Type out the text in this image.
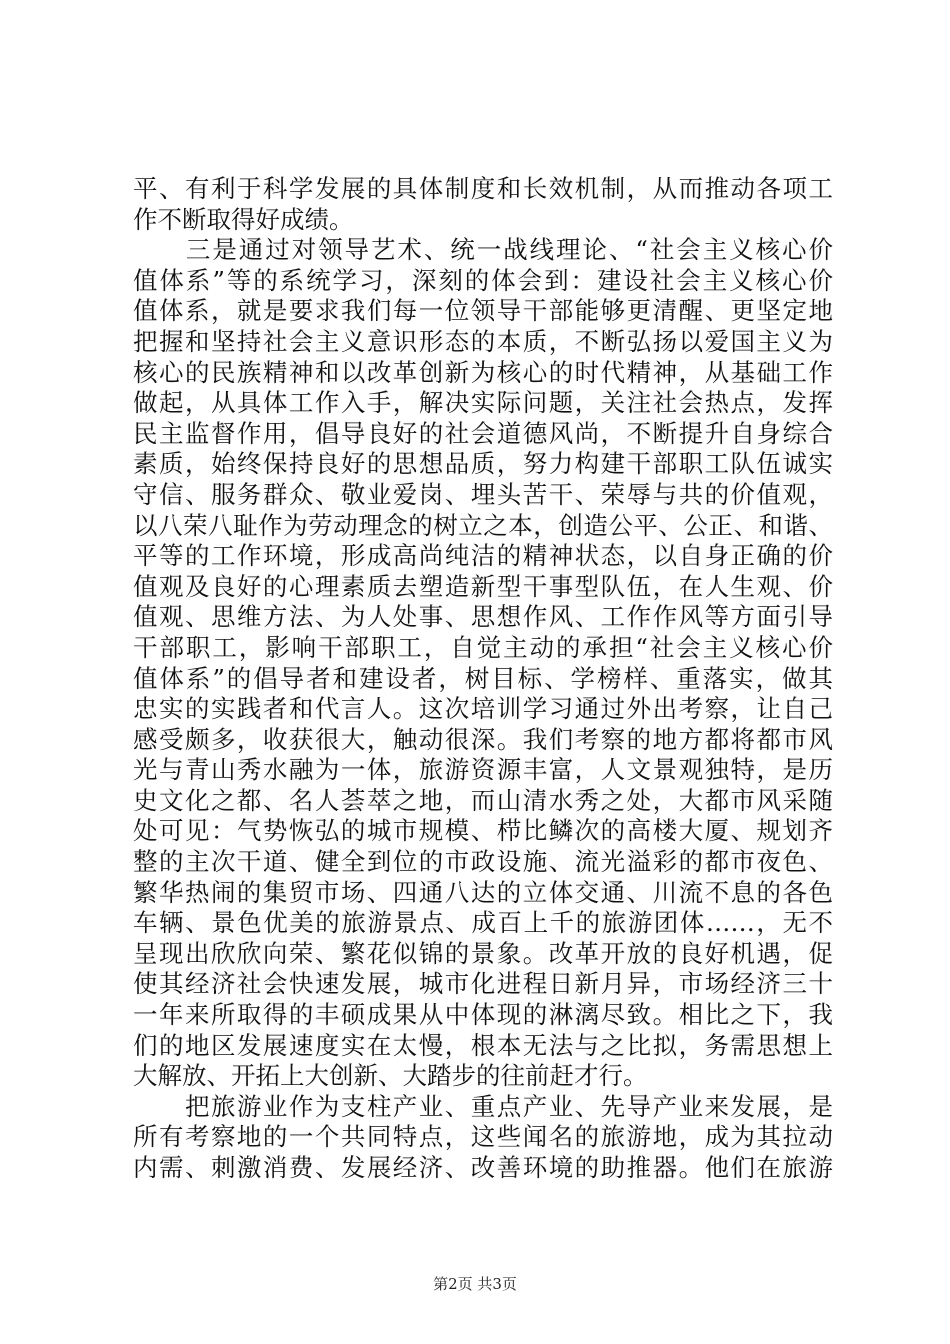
平、有利于科学发展的具体制度和长效机制，从而推动各项工
作不断取得好成绩。
　　三是通过对领导艺术、统一战线理论、“社会主义核心价
值体系”等的系统学习，深刻的体会到：建设社会主义核心价
值体系，就是要求我们每一位领导干部能够更清醒、更坚定地
把握和坚持社会主义意识形态的本质，不断弘扬以爱国主义为
核心的民族精神和以改革创新为核心的时代精神，从基础工作
做起，从具体工作入手，解决实际问题，关注社会热点，发挥
民主监督作用，倡导良好的社会道德风尚，不断提升自身综合
素质，始终保持良好的思想品质，努力构建干部职工队伍诚实
守信、服务群众、敬业爱岗、埋头苦干、荣辱与共的价值观，
以八荣八耻作为劳动理念的树立之本，创造公平、公正、和谐、
平等的工作环境，形成高尚纯洁的精神状态，以自身正确的价
值观及良好的心理素质去塑造新型干事型队伍，在人生观、价
值观、思维方法、为人处事、思想作风、工作作风等方面引导
干部职工，影响干部职工，自觉主动的承担“社会主义核心价
值体系”的倡导者和建设者，树目标、学榜样、重落实，做其
忠实的实践者和代言人。这次培训学习通过外出考察，让自己
感受颇多，收获很大，触动很深。我们考察的地方都将都市风
光与青山秀水融为一体，旅游资源丰富，人文景观独特，是历
史文化之都、名人荟萃之地，而山清水秀之处，大都市风采随
处可见：气势恢弘的城市规模、栉比鳞次的高楼大厦、规划齐
整的主次干道、健全到位的市政设施、流光溢彩的都市夜色、
繁华热闹的集贸市场、四通八达的立体交通、川流不息的各色
车辆、景色优美的旅游景点、成百上千的旅游团体……，无不
呈现出欣欣向荣、繁花似锦的景象。改革开放的良好机遇，促
使其经济社会快速发展，城市化进程日新月异，市场经济三十
一年来所取得的丰硕成果从中体现的淋漓尽致。相比之下，我
们的地区发展速度实在太慢，根本无法与之比拟，务需思想上
大解放、开拓上大创新、大踏步的往前赶才行。
　　把旅游业作为支柱产业、重点产业、先导产业来发展，是
所有考察地的一个共同特点，这些闻名的旅游地，成为其拉动
内需、刺激消费、发展经济、改善环境的助推器。他们在旅游
第2页 共3页
